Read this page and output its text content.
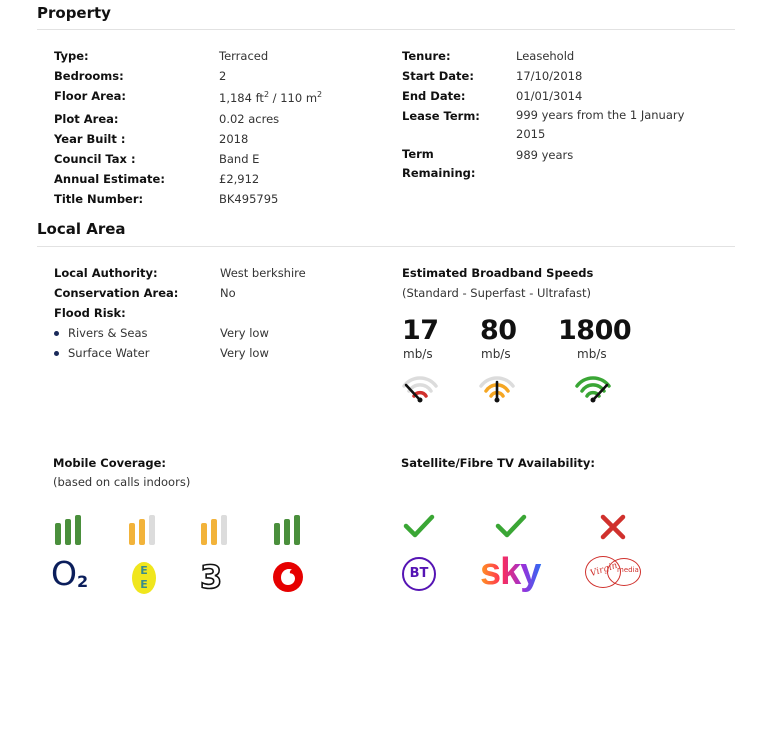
Property
Type:	Terraced
Bedrooms:	2
Floor Area:	1,184 $ft^2 / 110$ $m^2$
Plot Area:	0.02 acres
Year Built :	2018
Council Tax :	Band E
Annual Estimate:	£2,912
Title Number:	BK495795
Tenure:	Leasehold
Start Date:	17/10/2018
End Date:	01/01/3014
Lease Term:	999 years from the 1 January 2015
Term Remaining:
989 years
Local Area
Local Authority:	West berkshire
Conservation Area:	No
Flood Risk:
Rivers & Seas	Very low
Surface Water	Very low
Estimated Broadband Speeds
(Standard - Superfast - Ultrafast)
17
mb/s
80
mb/s
1800
mb/s
Mobile Coverage:
(based on calls indoors)
O 2
E
E 3
Satellite/Fibre TV Availability:
BT sky	Virgin
media
